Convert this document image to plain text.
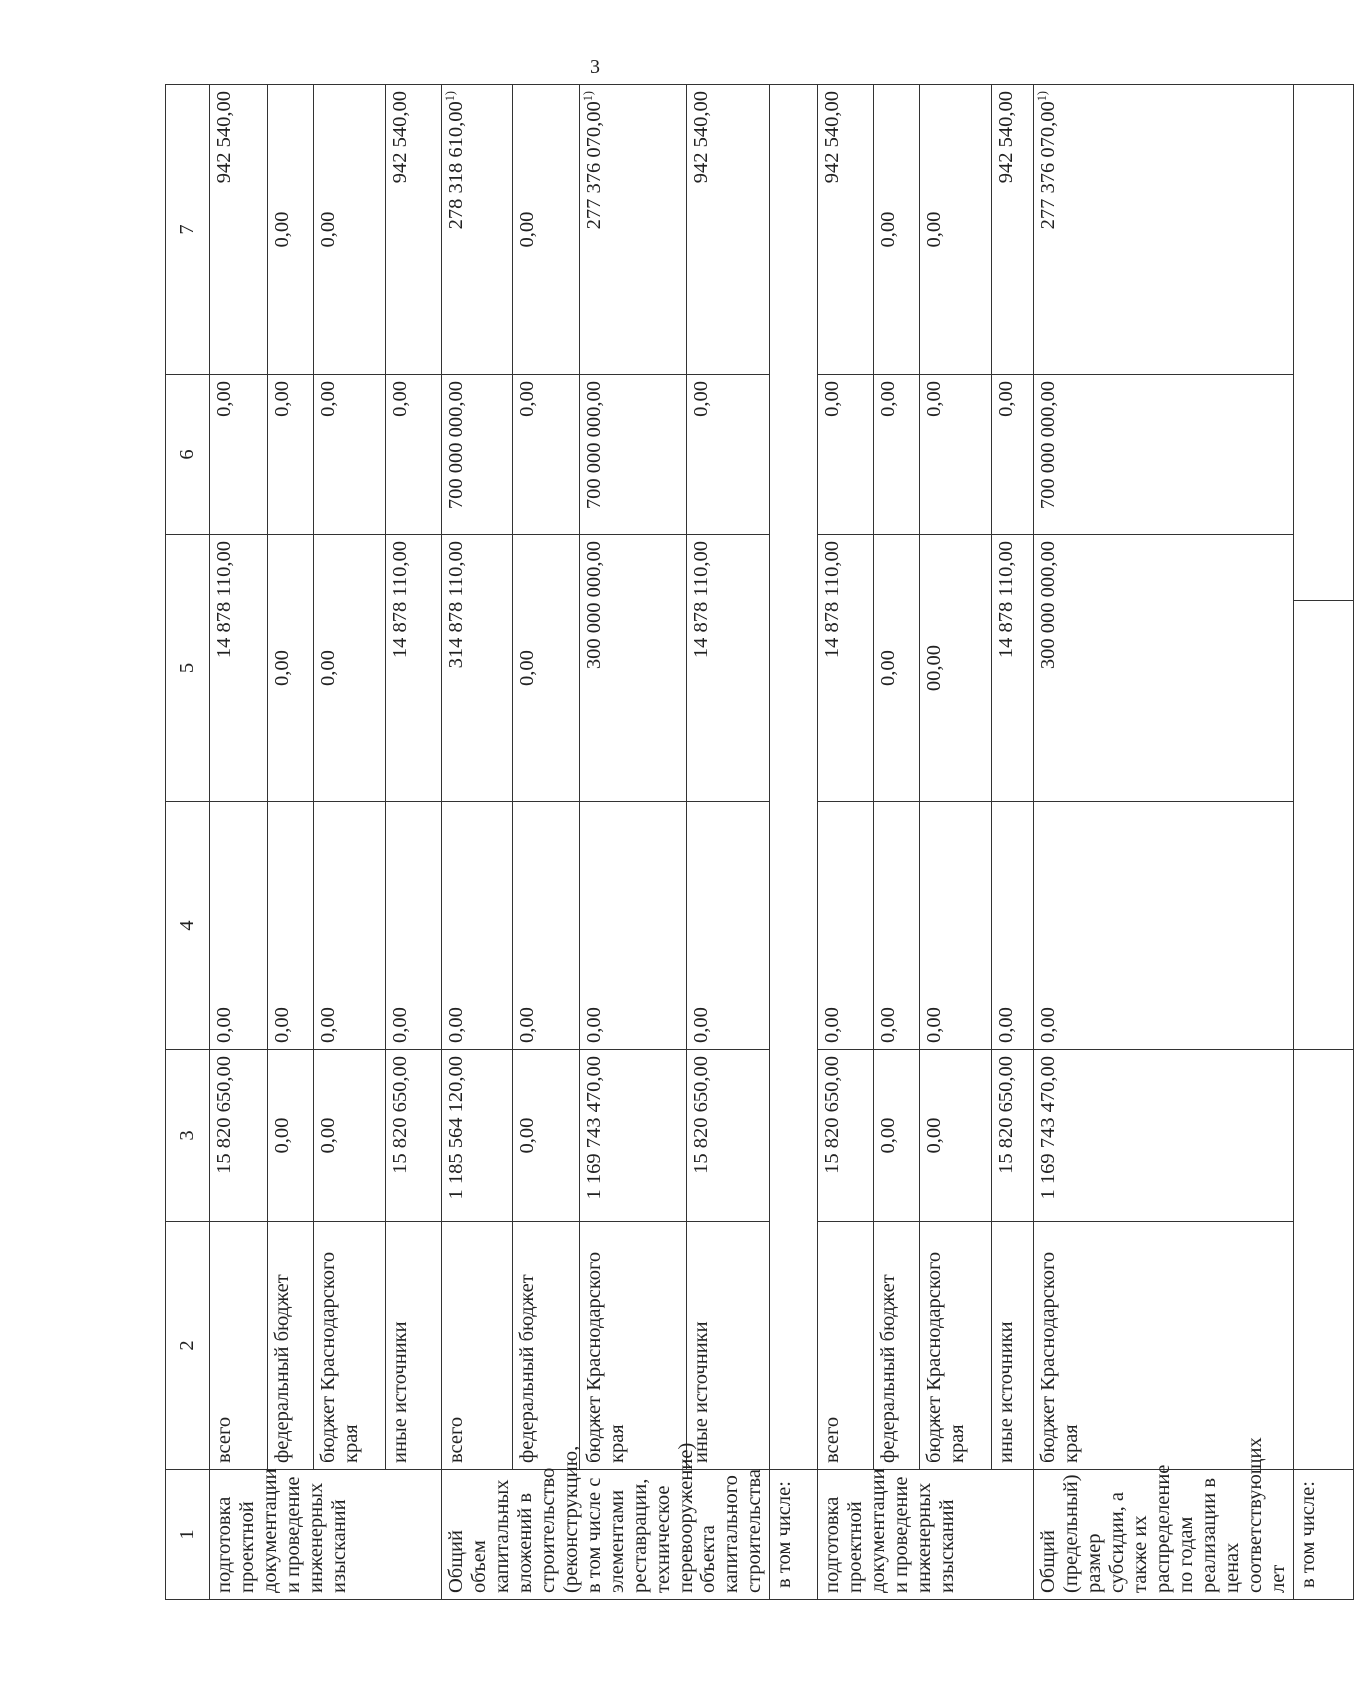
3
1	2	3	4	5		6	7
подготовка проектной документации и проведение инженерных изысканий	всего	15 820 650,00	0,00	14 878 110,00		0,00	942 540,00
	федеральный бюджет	0,00	0,00	0,00		0,00	0,00
	бюджет Краснодарского края	0,00	0,00	0,00		0,00	0,00
	иные источники	15 820 650,00	0,00	14 878 110,00		0,00	942 540,00
Общий объем капитальных вложений в строительство (реконструкцию, в том числе с элементами реставрации, техническое перевооружение) объекта капитального строительства	всего	1 185 564 120,00	0,00	314 878 110,00		700 000 000,00	278 318 610,00$^{1)}$
	федеральный бюджет	0,00	0,00	0,00		0,00	0,00
	бюджет Краснодарского края	1 169 743 470,00	0,00	300 000 000,00		700 000 000,00	277 376 070,00$^{1)}$
	иные источники	15 820 650,00	0,00	14 878 110,00		0,00	942 540,00
в том числе:							
подготовка проектной документации и проведение инженерных изысканий	всего	15 820 650,00	0,00	14 878 110,00		0,00	942 540,00
	федеральный бюджет	0,00	0,00	0,00		0,00	0,00
	бюджет Краснодарского края	0,00	0,00	00,00		0,00	0,00
	иные источники	15 820 650,00	0,00	14 878 110,00		0,00	942 540,00
Общий (предельный) размер субсидии, а также их распределение по годам реализации в ценах соответствующих лет	бюджет Краснодарского края	1 169 743 470,00	0,00	300 000 000,00		700 000 000,00	277 376 070,00$^{1)}$
в том числе:							
